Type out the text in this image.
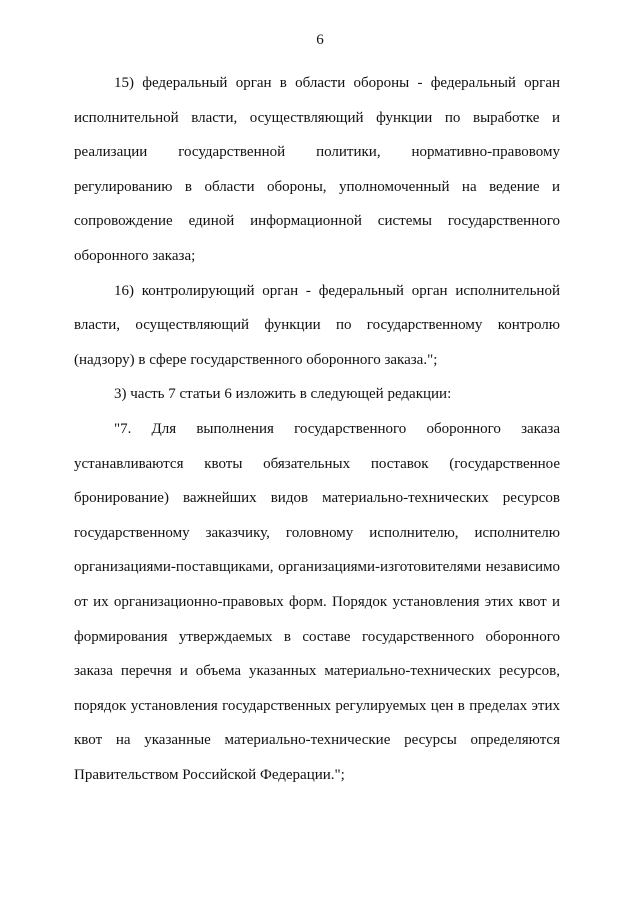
6

15) федеральный орган в области обороны - федеральный орган исполнительной власти, осуществляющий функции по выработке и реализации государственной политики, нормативно-правовому регулированию в области обороны, уполномоченный на ведение и сопровождение единой информационной системы государственного оборонного заказа;

16) контролирующий орган - федеральный орган исполнительной власти, осуществляющий функции по государственному контролю (надзору) в сфере государственного оборонного заказа.";

3) часть 7 статьи 6 изложить в следующей редакции:

"7. Для выполнения государственного оборонного заказа устанавливаются квоты обязательных поставок (государственное бронирование) важнейших видов материально-технических ресурсов государственному заказчику, головному исполнителю, исполнителю организациями-поставщиками, организациями-изготовителями независимо от их организационно-правовых форм. Порядок установления этих квот и формирования утверждаемых в составе государственного оборонного заказа перечня и объема указанных материально-технических ресурсов, порядок установления государственных регулируемых цен в пределах этих квот на указанные материально-технические ресурсы определяются Правительством Российской Федерации.";
